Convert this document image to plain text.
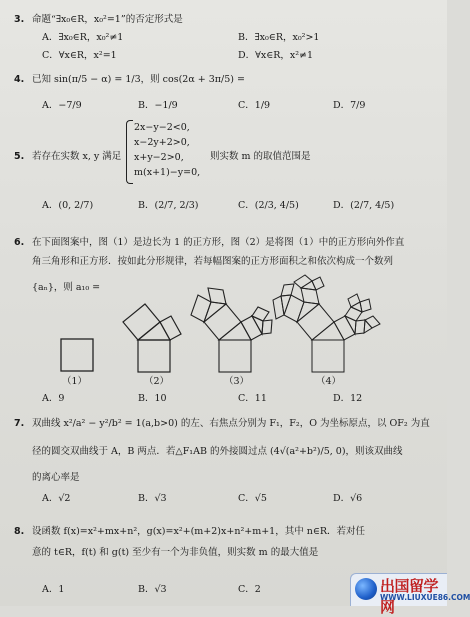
3. 命题“∃x₀∈R，x₀²=1”的否定形式是
A．∃x₀∈R，x₀²≠1	B．∃x₀∈R，x₀²>1
C．∀x∈R，x²=1	D．∀x∈R，x²≠1
4. 已知 sin(π/5 − α) = 1/3，则 cos(2α + 3π/5) =
A．−7/9	B．−1/9	C．1/9	D．7/9
5. 若存在实数 x, y 满足
2x−y−2<0,
x−2y+2>0,
x+y−2>0,
m(x+1)−y=0,
则实数 m 的取值范围是
A．(0, 2/7)	B．(2/7, 2/3)	C．(2/3, 4/5)	D．(2/7, 4/5)
6. 在下面图案中，图（1）是边长为 1 的正方形，图（2）是将图（1）中的正方形向外作直
角三角形和正方形．按如此分形规律，若每幅图案的正方形面积之和依次构成一个数列
{aₙ}，则 a₁₀ =
（1）	（2）	（3）	（4）
A．9	B．10	C．11	D．12
7. 双曲线 x²/a² − y²/b² = 1(a,b>0) 的左、右焦点分别为 F₁，F₂，O 为坐标原点，以 OF₂ 为直
径的圆交双曲线于 A，B 两点．若△F₁AB 的外接圆过点 (4√(a²+b²)/5, 0)，则该双曲线
的离心率是
A．√2	B．√3	C．√5	D．√6
8. 设函数 f(x)=x²+mx+n²，g(x)=x²+(m+2)x+n²+m+1，其中 n∈R．若对任
意的 t∈R，f(t) 和 g(t) 至少有一个为非负值，则实数 m 的最大值是
A．1	B．√3	C．2	出国留学网
WWW.LIUXUE86.COM
